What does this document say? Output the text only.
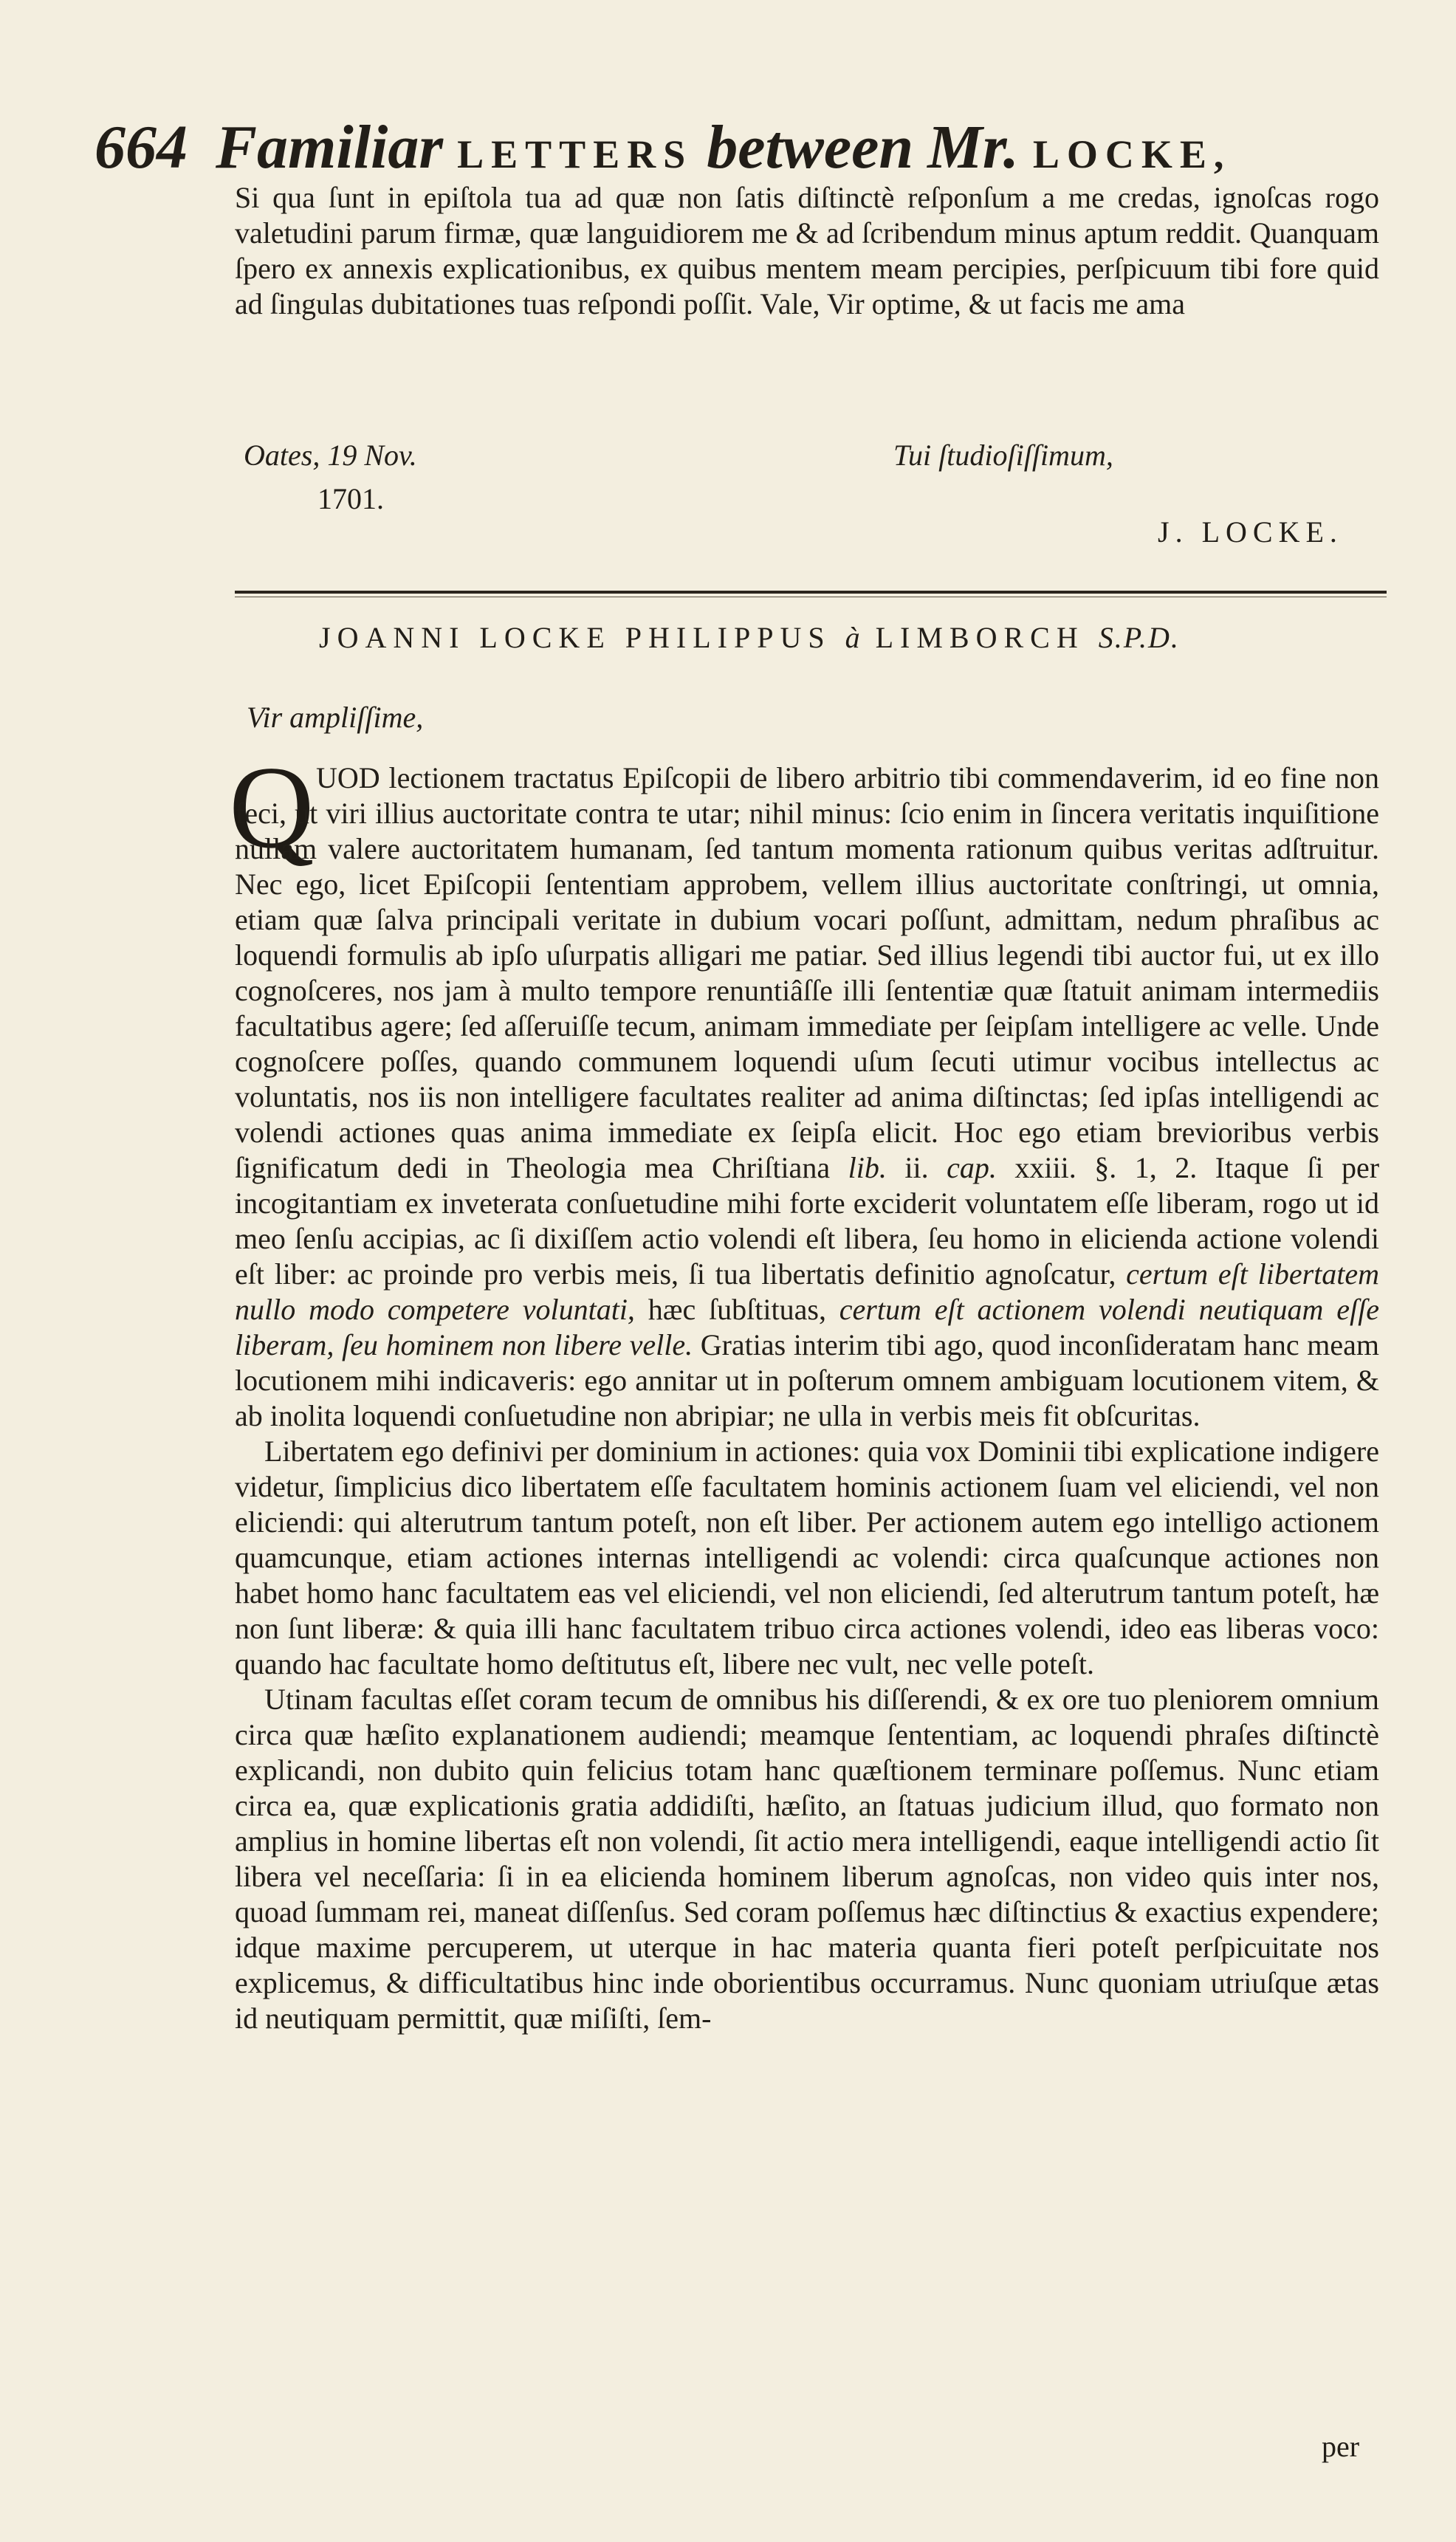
664 Familiar LETTERS between Mr. LOCKE,

Si qua ſunt in epiſtola tua ad quæ non ſatis diſtinctè reſponſum a me credas, ignoſcas rogo valetudini parum firmæ, quæ languidiorem me & ad ſcribendum minus aptum reddit. Quanquam ſpero ex annexis explicationibus, ex quibus mentem meam percipies, perſpicuum tibi fore quid ad ſingulas dubitationes tuas reſpondi poſſit. Vale, Vir optime, & ut facis me ama

Oates, 19 Nov.
1701.
Tui ſtudioſiſſimum,
J. LOCKE.
JOANNI LOCKE PHILIPPUS à LIMBORCH S.P.D.
Vir ampliſſime,
Q UOD lectionem tractatus Epiſcopii de libero arbitrio tibi commendaverim, id eo fine non feci, ut viri illius auctoritate contra te utar; nihil minus: ſcio enim in ſincera veritatis inquiſitione nullam valere auctoritatem humanam, ſed tantum momenta rationum quibus veritas adſtruitur. Nec ego, licet Epiſcopii ſententiam approbem, vellem illius auctoritate conſtringi, ut omnia, etiam quæ ſalva principali veritate in dubium vocari poſſunt, admittam, nedum phraſibus ac loquendi formulis ab ipſo uſurpatis alligari me patiar. Sed illius legendi tibi auctor fui, ut ex illo cognoſceres, nos jam à multo tempore renuntiâſſe illi ſententiæ quæ ſtatuit animam intermediis facultatibus agere; ſed aſſeruiſſe tecum, animam immediate per ſeipſam intelligere ac velle. Unde cognoſcere poſſes, quando communem loquendi uſum ſecuti utimur vocibus intellectus ac voluntatis, nos iis non intelligere facultates realiter ad anima diſtinctas; ſed ipſas intelligendi ac volendi actiones quas anima immediate ex ſeipſa elicit. Hoc ego etiam brevioribus verbis ſignificatum dedi in Theologia mea Chriſtiana lib. ii. cap. xxiii. §. 1, 2. Itaque ſi per incogitantiam ex inveterata conſuetudine mihi forte exciderit voluntatem eſſe liberam, rogo ut id meo ſenſu accipias, ac ſi dixiſſem actio volendi eſt libera, ſeu homo in elicienda actione volendi eſt liber: ac proinde pro verbis meis, ſi tua libertatis definitio agnoſcatur, certum eſt libertatem nullo modo competere voluntati, hæc ſubſtituas, certum eſt actionem volendi neutiquam eſſe liberam, ſeu hominem non libere velle. Gratias interim tibi ago, quod inconſideratam hanc meam locutionem mihi indicaveris: ego annitar ut in poſterum omnem ambiguam locutionem vitem, & ab inolita loquendi conſuetudine non abripiar; ne ulla in verbis meis fit obſcuritas.

Libertatem ego definivi per dominium in actiones: quia vox Dominii tibi explicatione indigere videtur, ſimplicius dico libertatem eſſe facultatem hominis actionem ſuam vel eliciendi, vel non eliciendi: qui alterutrum tantum poteſt, non eſt liber. Per actionem autem ego intelligo actionem quamcunque, etiam actiones internas intelligendi ac volendi: circa quaſcunque actiones non habet homo hanc facultatem eas vel eliciendi, vel non eliciendi, ſed alterutrum tantum poteſt, hæ non ſunt liberæ: & quia illi hanc facultatem tribuo circa actiones volendi, ideo eas liberas voco: quando hac facultate homo deſtitutus eſt, libere nec vult, nec velle poteſt.

Utinam facultas eſſet coram tecum de omnibus his diſſerendi, & ex ore tuo pleniorem omnium circa quæ hæſito explanationem audiendi; meamque ſententiam, ac loquendi phraſes diſtinctè explicandi, non dubito quin felicius totam hanc quæſtionem terminare poſſemus. Nunc etiam circa ea, quæ explicationis gratia addidiſti, hæſito, an ſtatuas judicium illud, quo formato non amplius in homine libertas eſt non volendi, ſit actio mera intelligendi, eaque intelligendi actio ſit libera vel neceſſaria: ſi in ea elicienda hominem liberum agnoſcas, non video quis inter nos, quoad ſummam rei, maneat diſſenſus. Sed coram poſſemus hæc diſtinctius & exactius expendere; idque maxime percuperem, ut uterque in hac materia quanta fieri poteſt perſpicuitate nos explicemus, & difficultatibus hinc inde oborientibus occurramus. Nunc quoniam utriuſque ætas id neutiquam permittit, quæ miſiſti, ſem-

per
